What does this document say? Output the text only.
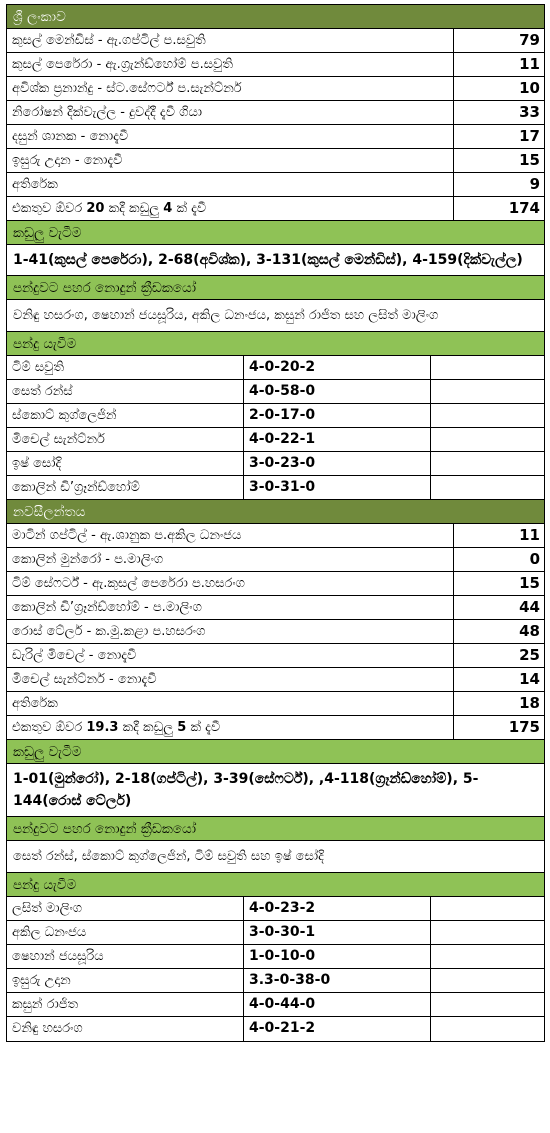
ශ්‍රී ලංකාව
කුසල් මෙන්ඩිස් - ඇ.ගප්ටිල් ප.සවුති	79
කුසල් පෙරේරා - ඇ.ග්‍රැන්ඩ්හෝම් ප.සවුති	11
අවිශ්ක ප්‍රනාන්දු - ස්ට.සේෆර්ට් ප.සැන්ට්නර්	10
නිරෝෂන් දික්වැල්ල - දුවද්දී දැවී ගියා	33
දසුන් ශානක - නොදැවී	17
ඉසුරු උදාන - නොදැවී	15
අතිරේක	9
එකතුව ඕවර 20 කදී කඩුලු 4 ක් දැවී	174
කඩුලු වැටීම
1-41(කුසල් පෙරේරා), 2-68(අවිශ්ක), 3-131(කුසල් මෙන්ඩිස්), 4-159(දික්වැල්ල)
පන්දුවට පහර නොදුන් ක්‍රීඩකයෝ
වනිඳු හසරංග, ෂෙහාන් ජයසූරිය, අකිල ධනංජය, කසුන් රාජිත සහ ලසිත් මාලිංග
පන්දු යැවීම
ටිම් සවුති	4-0-20-2
සෙත් රන්ස්	4-0-58-0
ස්කොට් කුග්ලෙජින්	2-0-17-0
මිචෙල් සැන්ට්නර්	4-0-22-1
ඉෂ් සෝදි	3-0-23-0
කොලින් ඩි’ග්‍රෑන්ඩ්හෝම්	3-0-31-0
නවසීලන්තය
මාටින් ගප්ටිල් - ඇ.ශානුක ප.අකිල ධනංජය	11
කොලින් මුන්රෝ - ප.මාලිංග	0
ටිම් සේෆර්ට් - ඇ.කුසල් පෙරේරා ප.හසරංග	15
කොලින් ඩි’ග්‍රෑන්ඩ්හෝම් - ප.මාලිංග	44
රොස් ටේලර් - ක.මු.කළා ප.හසරංග	48
ඩැරිල් මිචෙල් - නොදැවී	25
මිචෙල් සැන්ට්නර් - නොදැවී	14
අතිරේක	18
එකතුව ඕවර 19.3 කදී කඩුලු 5 ක් දැවී	175
කඩුලු වැටීම
1-01(මුන්රෝ), 2-18(ගප්ටිල්), 3-39(සේෆර්ට්), ,4-118(ග්‍රෑන්ඩ්හෝම්), 5-144(රොස් ටේලර්)
පන්දුවට පහර නොදුන් ක්‍රීඩකයෝ
සෙත් රන්ස්, ස්කොට් කුග්ලෙජින්, ටිම් සවුති සහ ඉෂ් සෝදි
පන්දු යැවීම
ලසිත් මාලිංග	4-0-23-2
අකිල ධනංජය	3-0-30-1
ෂෙහාන් ජයසූරිය	1-0-10-0
ඉසුරු උදාන	3.3-0-38-0
කසුන් රාජිත	4-0-44-0
වනිඳු හසරංග	4-0-21-2
